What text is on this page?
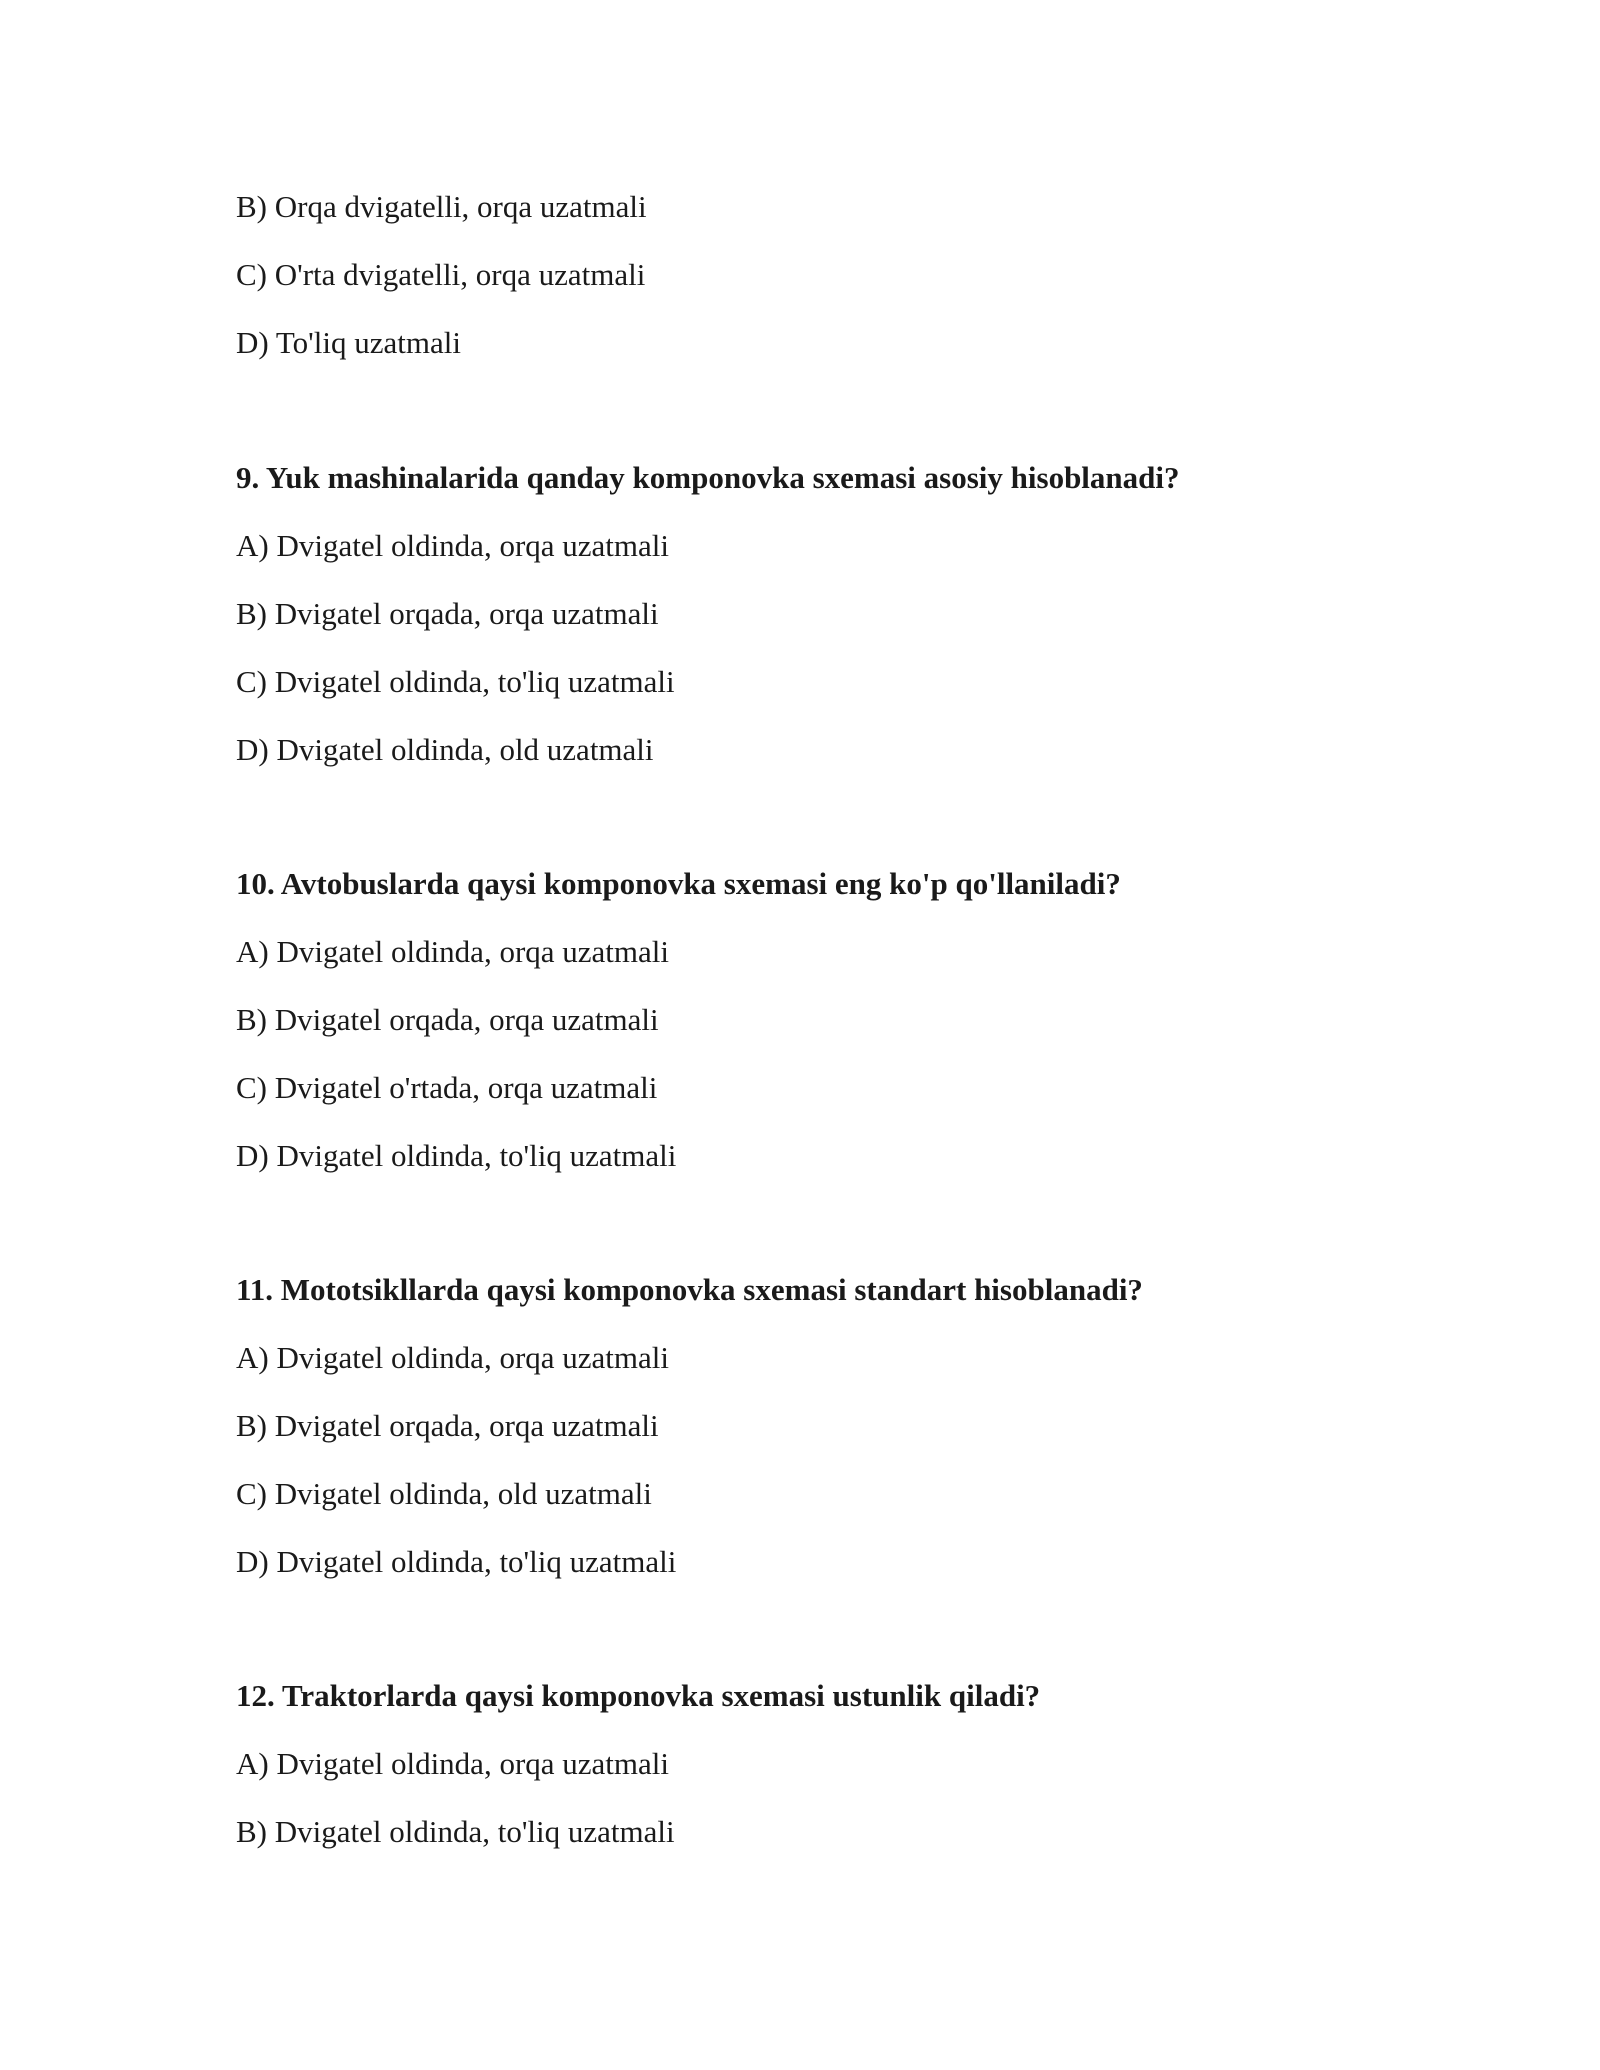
B) Orqa dvigatelli, orqa uzatmali
C) O'rta dvigatelli, orqa uzatmali
D) To'liq uzatmali
9. Yuk mashinalarida qanday komponovka sxemasi asosiy hisoblanadi?
A) Dvigatel oldinda, orqa uzatmali
B) Dvigatel orqada, orqa uzatmali
C) Dvigatel oldinda, to'liq uzatmali
D) Dvigatel oldinda, old uzatmali
10. Avtobuslarda qaysi komponovka sxemasi eng ko'p qo'llaniladi?
A) Dvigatel oldinda, orqa uzatmali
B) Dvigatel orqada, orqa uzatmali
C) Dvigatel o'rtada, orqa uzatmali
D) Dvigatel oldinda, to'liq uzatmali
11. Mototsikllarda qaysi komponovka sxemasi standart hisoblanadi?
A) Dvigatel oldinda, orqa uzatmali
B) Dvigatel orqada, orqa uzatmali
C) Dvigatel oldinda, old uzatmali
D) Dvigatel oldinda, to'liq uzatmali
12. Traktorlarda qaysi komponovka sxemasi ustunlik qiladi?
A) Dvigatel oldinda, orqa uzatmali
B) Dvigatel oldinda, to'liq uzatmali
